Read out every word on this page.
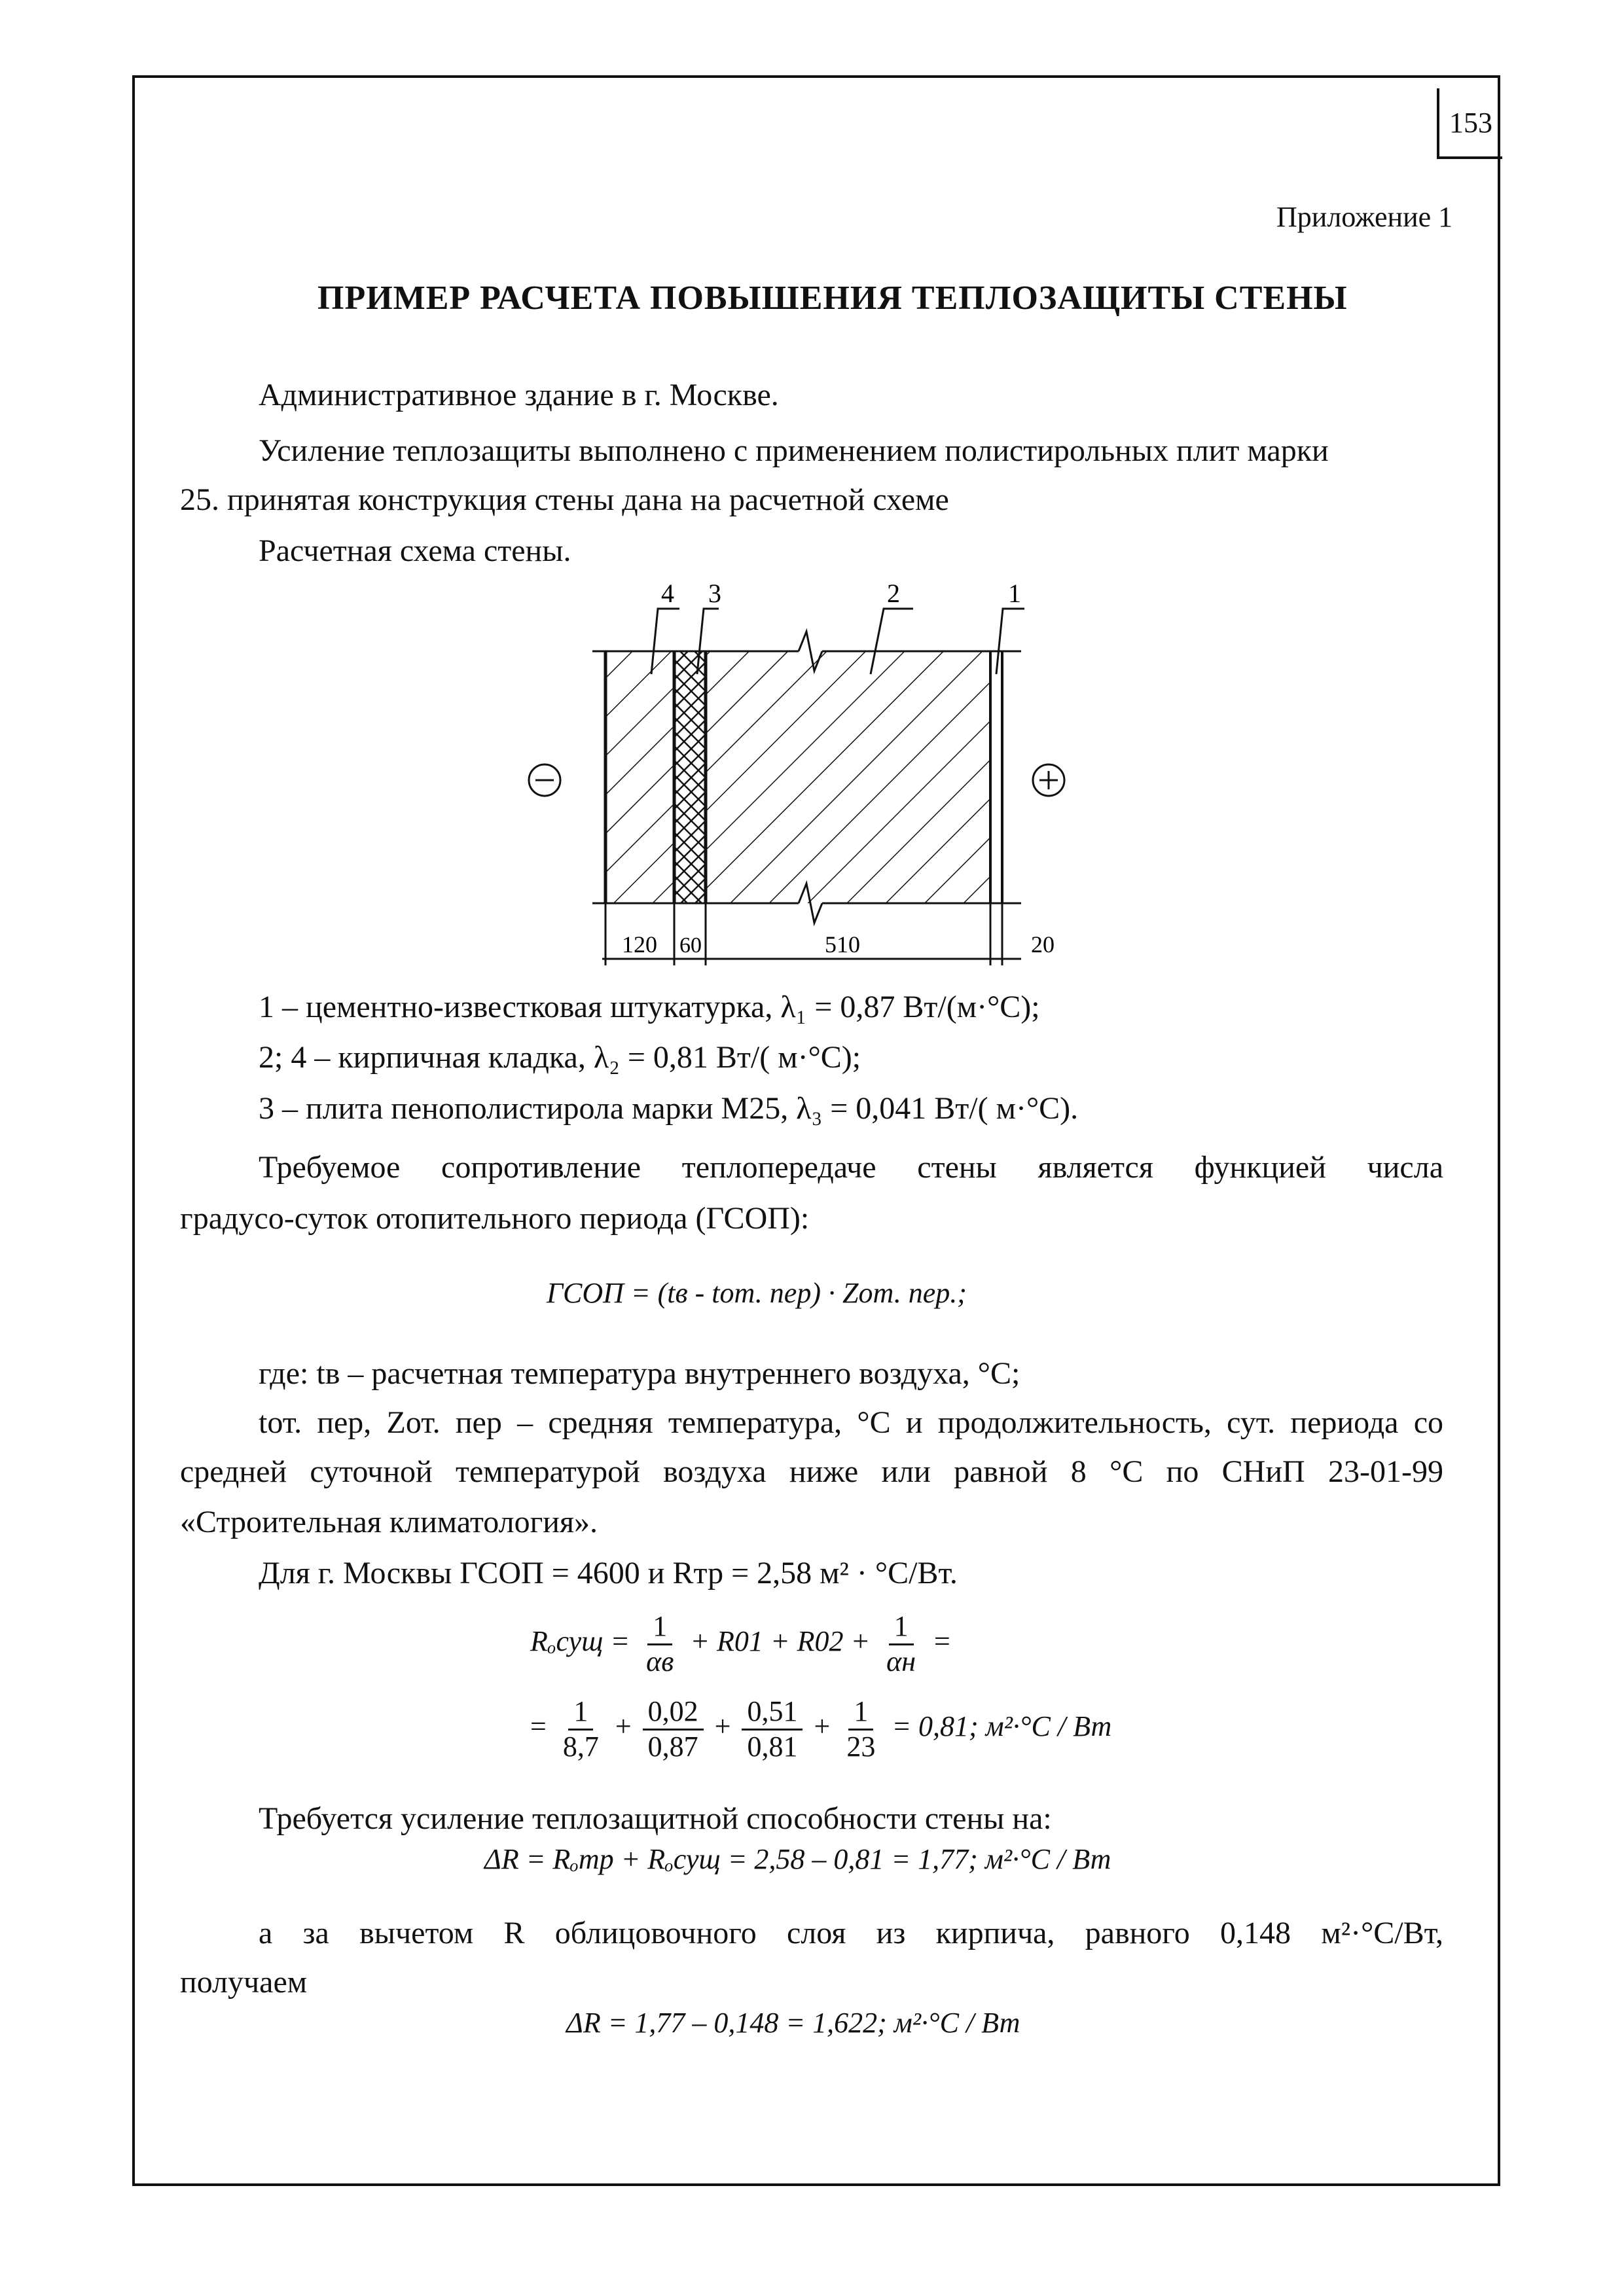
153
Приложение 1
ПРИМЕР РАСЧЕТА ПОВЫШЕНИЯ ТЕПЛОЗАЩИТЫ СТЕНЫ
Административное здание в г. Москве.
Усиление теплозащиты выполнено с применением полистирольных плит марки
25. принятая конструкция стены дана на расчетной схеме
Расчетная схема стены.
4 3	2	1
120 60	510	20
1 – цементно-известковая штукатурка, λ₁ = 0,87 Вт/(м·°С);
2; 4 – кирпичная кладка, λ₂ = 0,81 Вт/( м·°С);
3 – плита пенополистирола марки М25, λ₃ = 0,041 Вт/( м·°С).
Требуемое сопротивление теплопередаче стены является функцией числа
градусо-суток отопительного периода (ГСОП):
ГСОП = (tв - tот. пер) · Zот. пер.;
где: tв – расчетная температура внутреннего воздуха, °С;
tот. пер, Zот. пер – средняя температура, °С и продолжительность, сут. периода со
средней суточной температурой воздуха ниже или равной 8 °С по СНиП 23-01-99
«Строительная климатология».
Для г. Москвы ГСОП = 4600 и Rтр = 2,58 м² · °С/Вт.
$R_oсущ = \frac{1}{\alpha в} + R01 + R02 + \frac{1}{\alpha н}$ =
= $\frac{1}{8,7} + \frac{0,02}{0,87} + \frac{0,51}{0,81} + \frac{1}{23} = 0,81$; м²·°C / Вт
Требуется усиление теплозащитной способности стены на:
ΔR = Rₒтр + Rₒсущ = 2,58 – 0,81 = 1,77; м²·°C / Вт
а за вычетом R облицовочного слоя из кирпича, равного 0,148 м²·°С/Вт,
получаем
ΔR = 1,77 – 0,148 = 1,622; м²·°C / Вт
